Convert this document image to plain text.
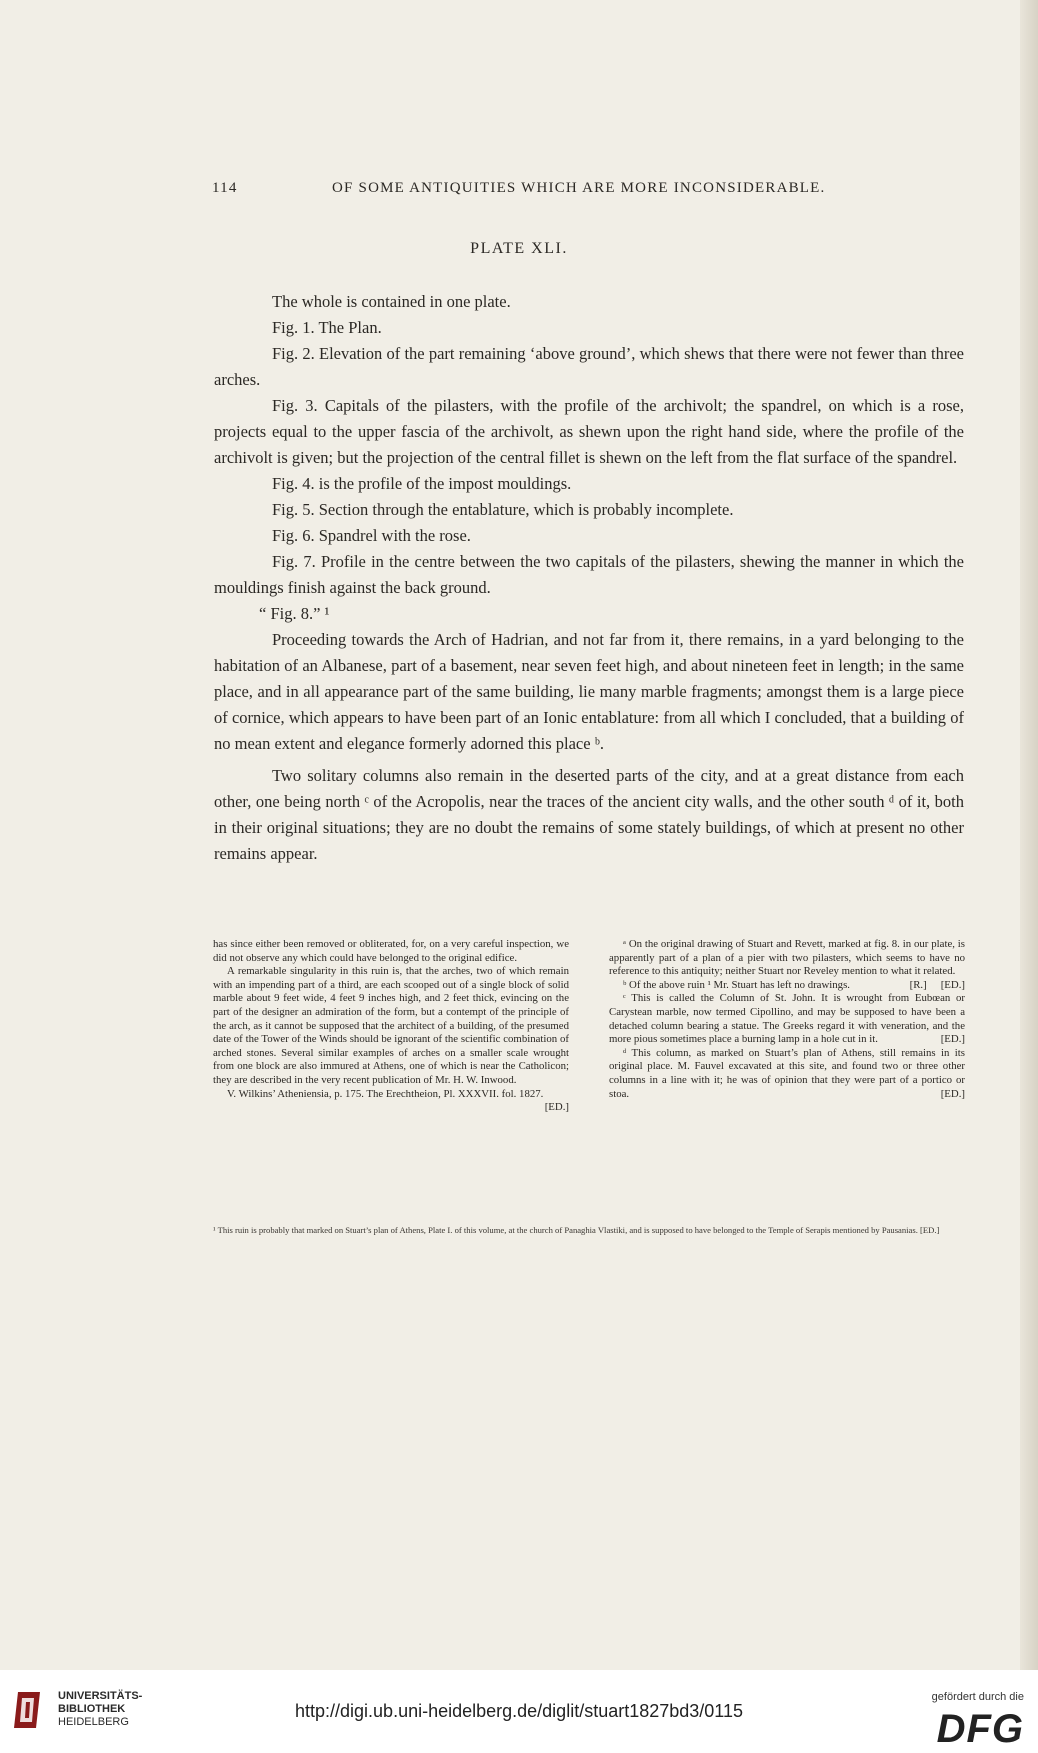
114	OF SOME ANTIQUITIES WHICH ARE MORE INCONSIDERABLE.
PLATE XLI.

The whole is contained in one plate.

Fig. 1. The Plan.

Fig. 2. Elevation of the part remaining ‘above ground’, which shews that there were not fewer than three arches.

Fig. 3. Capitals of the pilasters, with the profile of the archivolt; the spandrel, on which is a rose, projects equal to the upper fascia of the archivolt, as shewn upon the right hand side, where the profile of the archivolt is given; but the projection of the central fillet is shewn on the left from the flat surface of the spandrel.

Fig. 4. is the profile of the impost mouldings.

Fig. 5. Section through the entablature, which is probably incomplete.

Fig. 6. Spandrel with the rose.

Fig. 7. Profile in the centre between the two capitals of the pilasters, shewing the manner in which the mouldings finish against the back ground.

“ Fig. 8.” ¹

Proceeding towards the Arch of Hadrian, and not far from it, there remains, in a yard belonging to the habitation of an Albanese, part of a basement, near seven feet high, and about nineteen feet in length; in the same place, and in all appearance part of the same building, lie many marble fragments; amongst them is a large piece of cornice, which appears to have been part of an Ionic entablature: from all which I concluded, that a building of no mean extent and elegance formerly adorned this place ᵇ.

Two solitary columns also remain in the deserted parts of the city, and at a great distance from each other, one being north ᶜ of the Acropolis, near the traces of the ancient city walls, and the other south ᵈ of it, both in their original situations; they are no doubt the remains of some stately buildings, of which at present no other remains appear.

has since either been removed or obliterated, for, on a very careful inspection, we did not observe any which could have belonged to the original edifice.

A remarkable singularity in this ruin is, that the arches, two of which remain with an impending part of a third, are each scooped out of a single block of solid marble about 9 feet wide, 4 feet 9 inches high, and 2 feet thick, evincing on the part of the designer an admiration of the form, but a contempt of the principle of the arch, as it cannot be supposed that the architect of a building, of the presumed date of the Tower of the Winds should be ignorant of the scientific combination of arched stones. Several similar examples of arches on a smaller scale wrought from one block are also immured at Athens, one of which is near the Catholicon; they are described in the very recent publication of Mr. H. W. Inwood.

V. Wilkins’ Atheniensia, p. 175. The Erechtheion, Pl. XXXVII. fol. 1827.
[ED.]

ᵃ On the original drawing of Stuart and Revett, marked at fig. 8. in our plate, is apparently part of a plan of a pier with two pilasters, which seems to have no reference to this antiquity; neither Stuart nor Reveley mention to what it related.
[ED.]

ᵇ Of the above ruin ¹ Mr. Stuart has left no drawings.	[R.]

ᶜ This is called the Column of St. John. It is wrought from Eubœan or Carystean marble, now termed Cipollino, and may be supposed to have been a detached column bearing a statue. The Greeks regard it with veneration, and the more pious sometimes place a burning lamp in a hole cut in it.	[ED.]

ᵈ This column, as marked on Stuart’s plan of Athens, still remains in its original place. M. Fauvel excavated at this site, and found two or three other columns in a line with it; he was of opinion that they were part of a portico or stoa.	[ED.]

¹ This ruin is probably that marked on Stuart’s plan of Athens, Plate I. of this volume, at the church of Panaghia Vlastiki, and is supposed to have belonged to the Temple of Serapis mentioned by Pausanias. [ED.]
UNIVERSITÄTS-
BIBLIOTHEK
HEIDELBERG
http://digi.ub.uni-heidelberg.de/diglit/stuart1827bd3/0115
gefördert durch die
DFG
